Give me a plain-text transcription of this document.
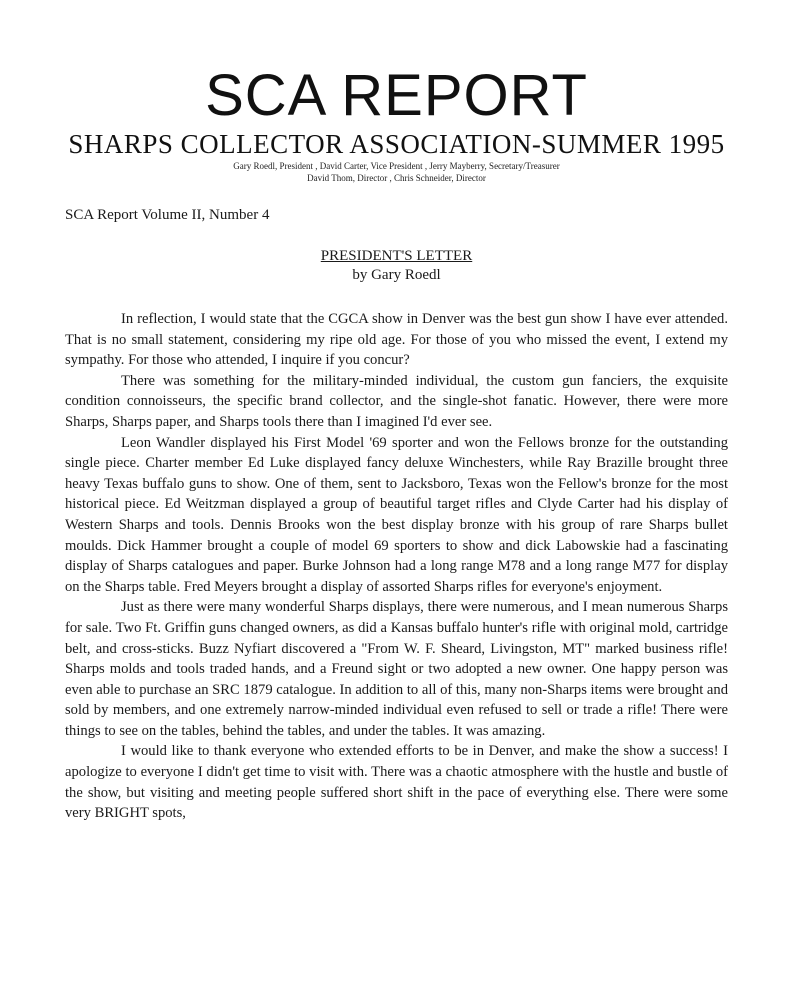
SCA REPORT
SHARPS COLLECTOR ASSOCIATION-SUMMER 1995
Gary Roedl, President , David Carter, Vice President , Jerry Mayberry, Secretary/Treasurer
David Thom, Director , Chris Schneider, Director
SCA Report Volume II, Number 4
PRESIDENT'S LETTER
by Gary Roedl

In reflection, I would state that the CGCA show in Denver was the best gun show I have ever attended. That is no small statement, considering my ripe old age. For those of you who missed the event, I extend my sympathy. For those who attended, I inquire if you concur?

There was something for the military-minded individual, the custom gun fanciers, the exquisite condition connoisseurs, the specific brand collector, and the single-shot fanatic. However, there were more Sharps, Sharps paper, and Sharps tools there than I imagined I'd ever see.

Leon Wandler displayed his First Model '69 sporter and won the Fellows bronze for the outstanding single piece. Charter member Ed Luke displayed fancy deluxe Winchesters, while Ray Brazille brought three heavy Texas buffalo guns to show. One of them, sent to Jacksboro, Texas won the Fellow's bronze for the most historical piece. Ed Weitzman displayed a group of beautiful target rifles and Clyde Carter had his display of Western Sharps and tools. Dennis Brooks won the best display bronze with his group of rare Sharps bullet moulds. Dick Hammer brought a couple of model 69 sporters to show and dick Labowskie had a fascinating display of Sharps catalogues and paper. Burke Johnson had a long range M78 and a long range M77 for display on the Sharps table. Fred Meyers brought a display of assorted Sharps rifles for everyone's enjoyment.

Just as there were many wonderful Sharps displays, there were numerous, and I mean numerous Sharps for sale. Two Ft. Griffin guns changed owners, as did a Kansas buffalo hunter's rifle with original mold, cartridge belt, and cross-sticks. Buzz Nyfiart discovered a "From W. F. Sheard, Livingston, MT" marked business rifle! Sharps molds and tools traded hands, and a Freund sight or two adopted a new owner. One happy person was even able to purchase an SRC 1879 catalogue. In addition to all of this, many non-Sharps items were brought and sold by members, and one extremely narrow-minded individual even refused to sell or trade a rifle! There were things to see on the tables, behind the tables, and under the tables. It was amazing.

I would like to thank everyone who extended efforts to be in Denver, and make the show a success! I apologize to everyone I didn't get time to visit with. There was a chaotic atmosphere with the hustle and bustle of the show, but visiting and meeting people suffered short shift in the pace of everything else. There were some very BRIGHT spots,
